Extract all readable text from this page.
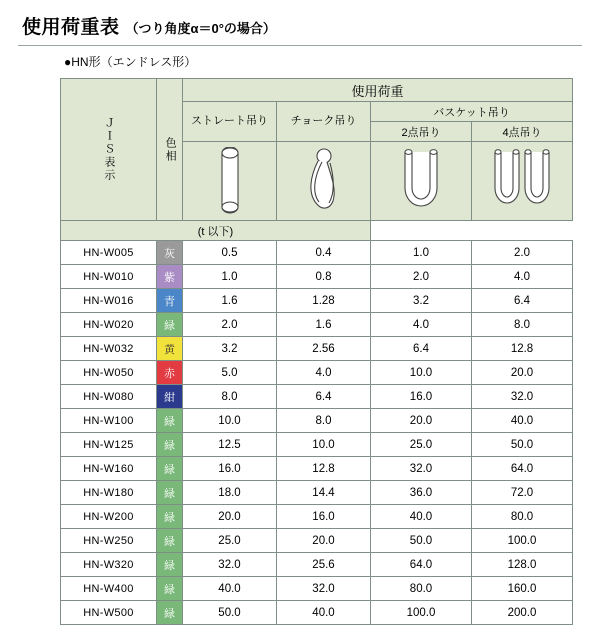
使用荷重表 （つり角度α＝0°の場合）
●HN形（エンドレス形）
ＪＩＳ表示	色相	使用荷重			
		ストレート吊り	チョーク吊り	バスケット吊り	
				2点吊り	4点吊り

(t 以下)					
HN-W005	灰	0.5	0.4	1.0	2.0
HN-W010	紫	1.0	0.8	2.0	4.0
HN-W016	青	1.6	1.28	3.2	6.4
HN-W020	緑	2.0	1.6	4.0	8.0
HN-W032	黄	3.2	2.56	6.4	12.8
HN-W050	赤	5.0	4.0	10.0	20.0
HN-W080	紺	8.0	6.4	16.0	32.0
HN-W100	緑	10.0	8.0	20.0	40.0
HN-W125	緑	12.5	10.0	25.0	50.0
HN-W160	緑	16.0	12.8	32.0	64.0
HN-W180	緑	18.0	14.4	36.0	72.0
HN-W200	緑	20.0	16.0	40.0	80.0
HN-W250	緑	25.0	20.0	50.0	100.0
HN-W320	緑	32.0	25.6	64.0	128.0
HN-W400	緑	40.0	32.0	80.0	160.0
HN-W500	緑	50.0	40.0	100.0	200.0
